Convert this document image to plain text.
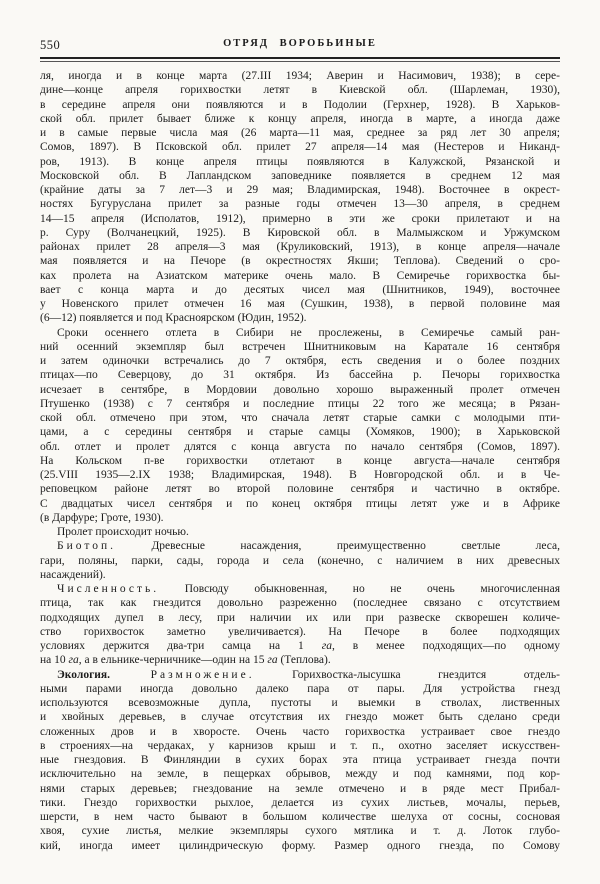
550	ОТРЯД ВОРОБЬИНЫЕ
ля, иногда и в конце марта (27.III 1934; Аверин и Насимович, 1938); в сере-
дине—конце апреля горихвостки летят в Киевской обл. (Шарлеман, 1930),
в середине апреля они появляются и в Подолии (Герхнер, 1928). В Харьков-
ской обл. прилет бывает ближе к концу апреля, иногда в марте, а иногда даже
и в самые первые числа мая (26 марта—11 мая, среднее за ряд лет 30 апреля;
Сомов, 1897). В Псковской обл. прилет 27 апреля—14 мая (Нестеров и Никанд-
ров, 1913). В конце апреля птицы появляются в Калужской, Рязанской и
Московской обл. В Лапландском заповеднике появляется в среднем 12 мая
(крайние даты за 7 лет—3 и 29 мая; Владимирская, 1948). Восточнее в окрест-
ностях Бугуруслана прилет за разные годы отмечен 13—30 апреля, в среднем
14—15 апреля (Исполатов, 1912), примерно в эти же сроки прилетают и на
р. Суру (Волчанецкий, 1925). В Кировской обл. в Малмыжском и Уржумском
районах прилет 28 апреля—3 мая (Круликовский, 1913), в конце апреля—начале
мая появляется и на Печоре (в окрестностях Якши; Теплова). Сведений о сро-
ках пролета на Азиатском материке очень мало. В Семиречье горихвостка бы-
вает с конца марта и до десятых чисел мая (Шнитников, 1949), восточнее
у Новенского прилет отмечен 16 мая (Сушкин, 1938), в первой половине мая
(6—12) появляется и под Красноярском (Юдин, 1952).
Сроки осеннего отлета в Сибири не прослежены, в Семиречье самый ран-
ний осенний экземпляр был встречен Шнитниковым на Каратале 16 сентября
и затем одиночки встречались до 7 октября, есть сведения и о более поздних
птицах—по Северцову, до 31 октября. Из бассейна р. Печоры горихвостка
исчезает в сентябре, в Мордовии довольно хорошо выраженный пролет отмечен
Птушенко (1938) с 7 сентября и последние птицы 22 того же месяца; в Рязан-
ской обл. отмечено при этом, что сначала летят старые самки с молодыми пти-
цами, а с середины сентября и старые самцы (Хомяков, 1900); в Харьковской
обл. отлет и пролет длятся с конца августа по начало сентября (Сомов, 1897).
На Кольском п-ве горихвостки отлетают в конце августа—начале сентября
(25.VIII 1935—2.IX 1938; Владимирская, 1948). В Новгородской обл. и в Че-
реповецком районе летят во второй половине сентября и частично в октябре.
С двадцатых чисел сентября и по конец октября птицы летят уже и в Африке
(в Дарфуре; Гроте, 1930).
Пролет происходит ночью.
Биотоп. Древесные насаждения, преимущественно светлые леса,
гари, поляны, парки, сады, города и села (конечно, с наличием в них древесных
насаждений).
Численность. Повсюду обыкновенная, но не очень многочисленная
птица, так как гнездится довольно разреженно (последнее связано с отсутствием
подходящих дупел в лесу, при наличии их или при развеске скворешен количе-
ство горихвосток заметно увеличивается). На Печоре в более подходящих
условиях держится два-три самца на 1 га, в менее подходящих—по одному
на 10 га, а в ельнике-черничнике—один на 15 га (Теплова).
Экология. Размножение. Горихвостка-лысушка гнездится отдель-
ными парами иногда довольно далеко пара от пары. Для устройства гнезд
используются всевозможные дупла, пустоты и выемки в стволах, лиственных
и хвойных деревьев, в случае отсутствия их гнездо может быть сделано среди
сложенных дров и в хворосте. Очень часто горихвостка устраивает свое гнездо
в строениях—на чердаках, у карнизов крыш и т. п., охотно заселяет искусствен-
ные гнездовия. В Финляндии в сухих борах эта птица устраивает гнезда почти
исключительно на земле, в пещерках обрывов, между и под камнями, под кор-
нями старых деревьев; гнездование на земле отмечено и в ряде мест Прибал-
тики. Гнездо горихвостки рыхлое, делается из сухих листьев, мочалы, перьев,
шерсти, в нем часто бывают в большом количестве шелуха от сосны, сосновая
хвоя, сухие листья, мелкие экземпляры сухого мятлика и т. д. Лоток глубо-
кий, иногда имеет цилиндрическую форму. Размер одного гнезда, по Сомову
